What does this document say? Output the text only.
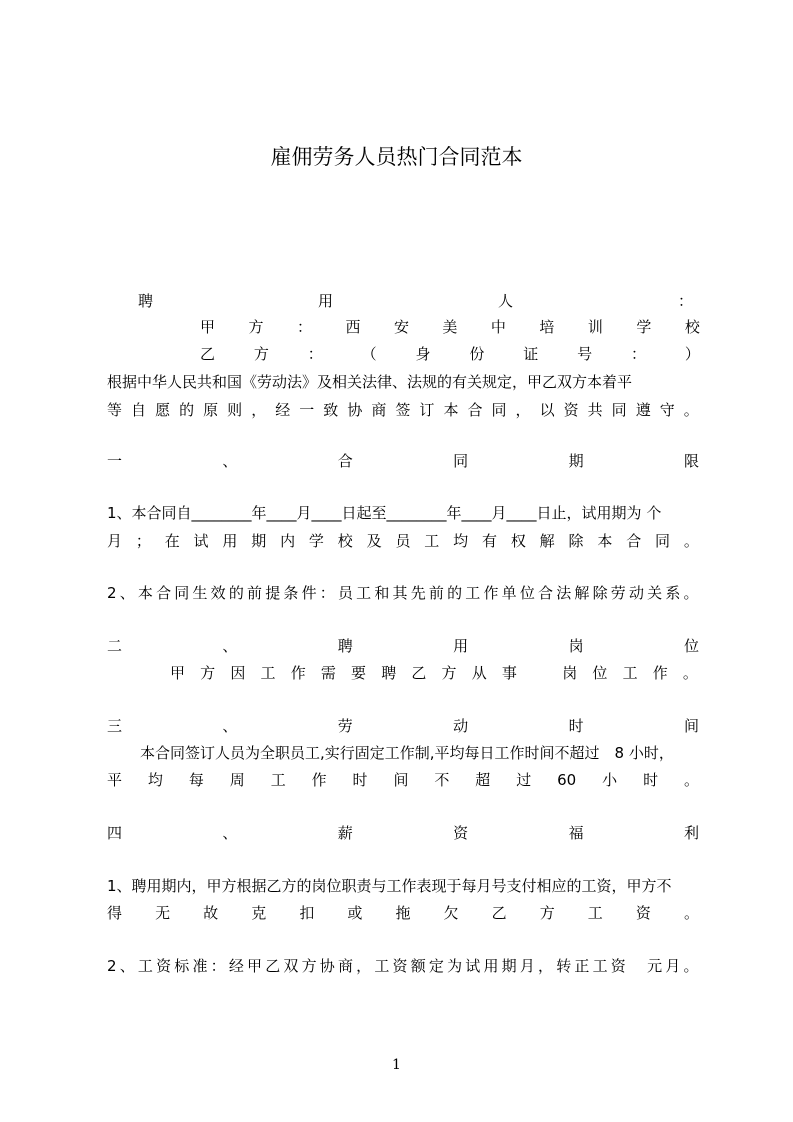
雇佣劳务人员热门合同范本
聘	用	人	：
甲 方 ： 西 安 美 中 培 训 学 校
乙	方	：	（	身	份	证	号	：	）
根据中华人民共和国《劳动法》及相关法律、法规的有关规定，甲乙双方本着平
等 自 愿 的 原 则 ， 经 一 致 协 商 签 订 本 合 同 ， 以 资 共 同 遵 守 。
一	、	合	同	期	限
1、本合同自________年____月____日起至________年____月____日止，试用期为 个
月 ； 在 试 用 期 内 学 校 及 员 工 均 有 权 解 除 本 合 同 。
2 、 本 合 同 生 效 的 前 提 条 件 ： 员 工 和 其 先 前 的 工 作 单 位 合 法 解 除 劳 动 关 系 。
二	、	聘	用	岗	位
甲 方 因 工 作 需 要 聘 乙 方 从 事
　	岗 位 工 作 。
三	、	劳	动	时	间
本合同签订人员为全职员工,实行固定工作制,平均每日工作时间不超过　8 小时，
平 均 每 周 工 作 时 间 不 超 过 60 小 时 。
四	、	薪	资	福	利
1、聘用期内，甲方根据乙方的岗位职责与工作表现于每月号支付相应的工资，甲方不
得 无 故 克 扣 或 拖 欠 乙 方 工 资 。
2 、 工 资 标 准 ： 经 甲 乙 双 方 协 商 ， 工 资 额 定 为 试 用 期 月 ， 转 正 工 资
　 元 月 。
1
